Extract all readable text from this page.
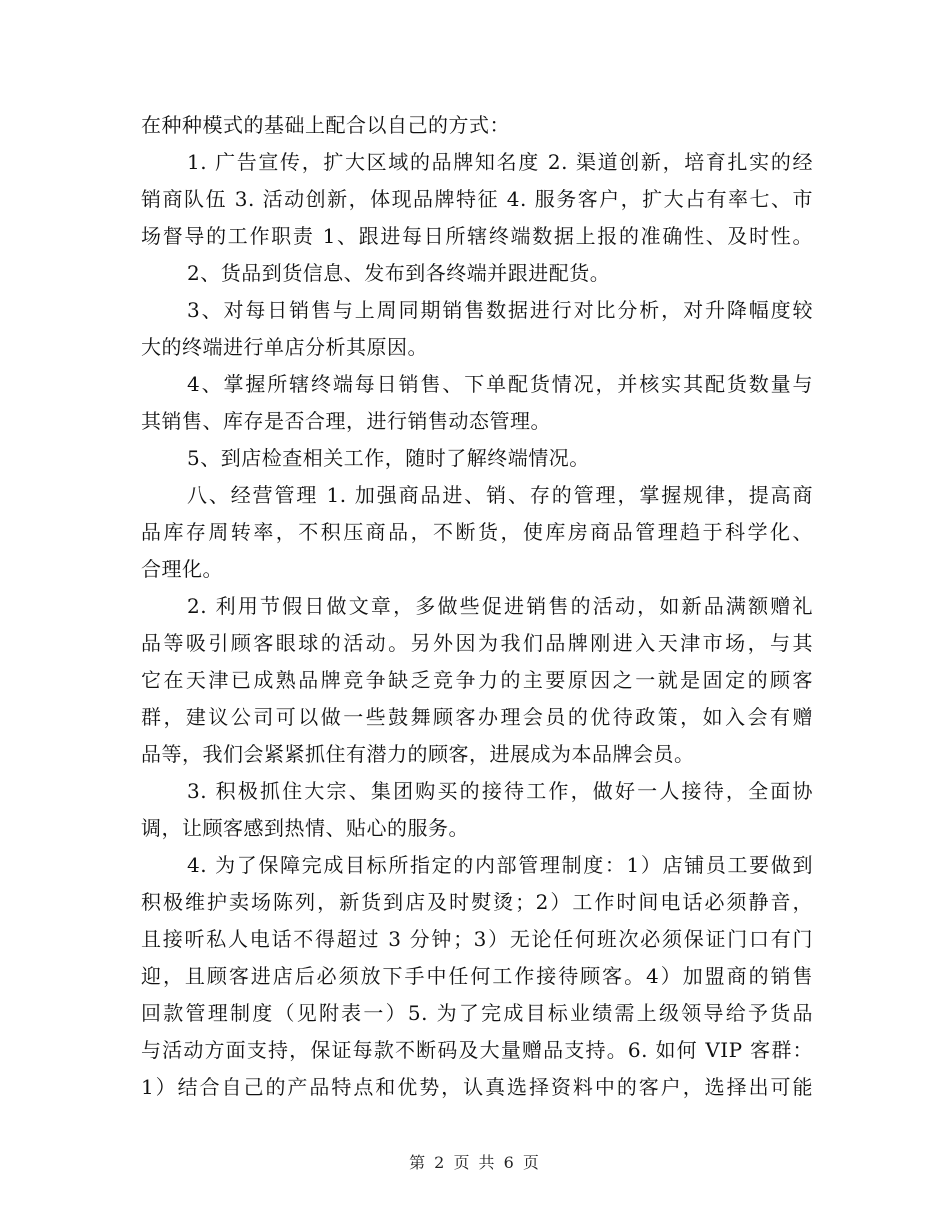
在种种模式的基础上配合以自己的方式：
1. 广告宣传，扩大区域的品牌知名度 2. 渠道创新，培育扎实的经
销商队伍 3. 活动创新，体现品牌特征 4. 服务客户，扩大占有率七、市
场督导的工作职责 1、跟进每日所辖终端数据上报的准确性、及时性。
2、货品到货信息、发布到各终端并跟进配货。
3、对每日销售与上周同期销售数据进行对比分析，对升降幅度较
大的终端进行单店分析其原因。
4、掌握所辖终端每日销售、下单配货情况，并核实其配货数量与
其销售、库存是否合理，进行销售动态管理。
5、到店检查相关工作，随时了解终端情况。
八、经营管理 1. 加强商品进、销、存的管理，掌握规律，提高商
品库存周转率，不积压商品，不断货，使库房商品管理趋于科学化、
合理化。
2. 利用节假日做文章，多做些促进销售的活动，如新品满额赠礼
品等吸引顾客眼球的活动。另外因为我们品牌刚进入天津市场，与其
它在天津已成熟品牌竞争缺乏竞争力的主要原因之一就是固定的顾客
群，建议公司可以做一些鼓舞顾客办理会员的优待政策，如入会有赠
品等，我们会紧紧抓住有潜力的顾客，进展成为本品牌会员。
3. 积极抓住大宗、集团购买的接待工作，做好一人接待，全面协
调，让顾客感到热情、贴心的服务。
4. 为了保障完成目标所指定的内部管理制度：1）店铺员工要做到
积极维护卖场陈列，新货到店及时熨烫；2）工作时间电话必须静音，
且接听私人电话不得超过 3 分钟；3）无论任何班次必须保证门口有门
迎，且顾客进店后必须放下手中任何工作接待顾客。4）加盟商的销售
回款管理制度（见附表一）5. 为了完成目标业绩需上级领导给予货品
与活动方面支持，保证每款不断码及大量赠品支持。6. 如何 VIP 客群：
1）结合自己的产品特点和优势，认真选择资料中的客户，选择出可能
第 2 页 共 6 页
